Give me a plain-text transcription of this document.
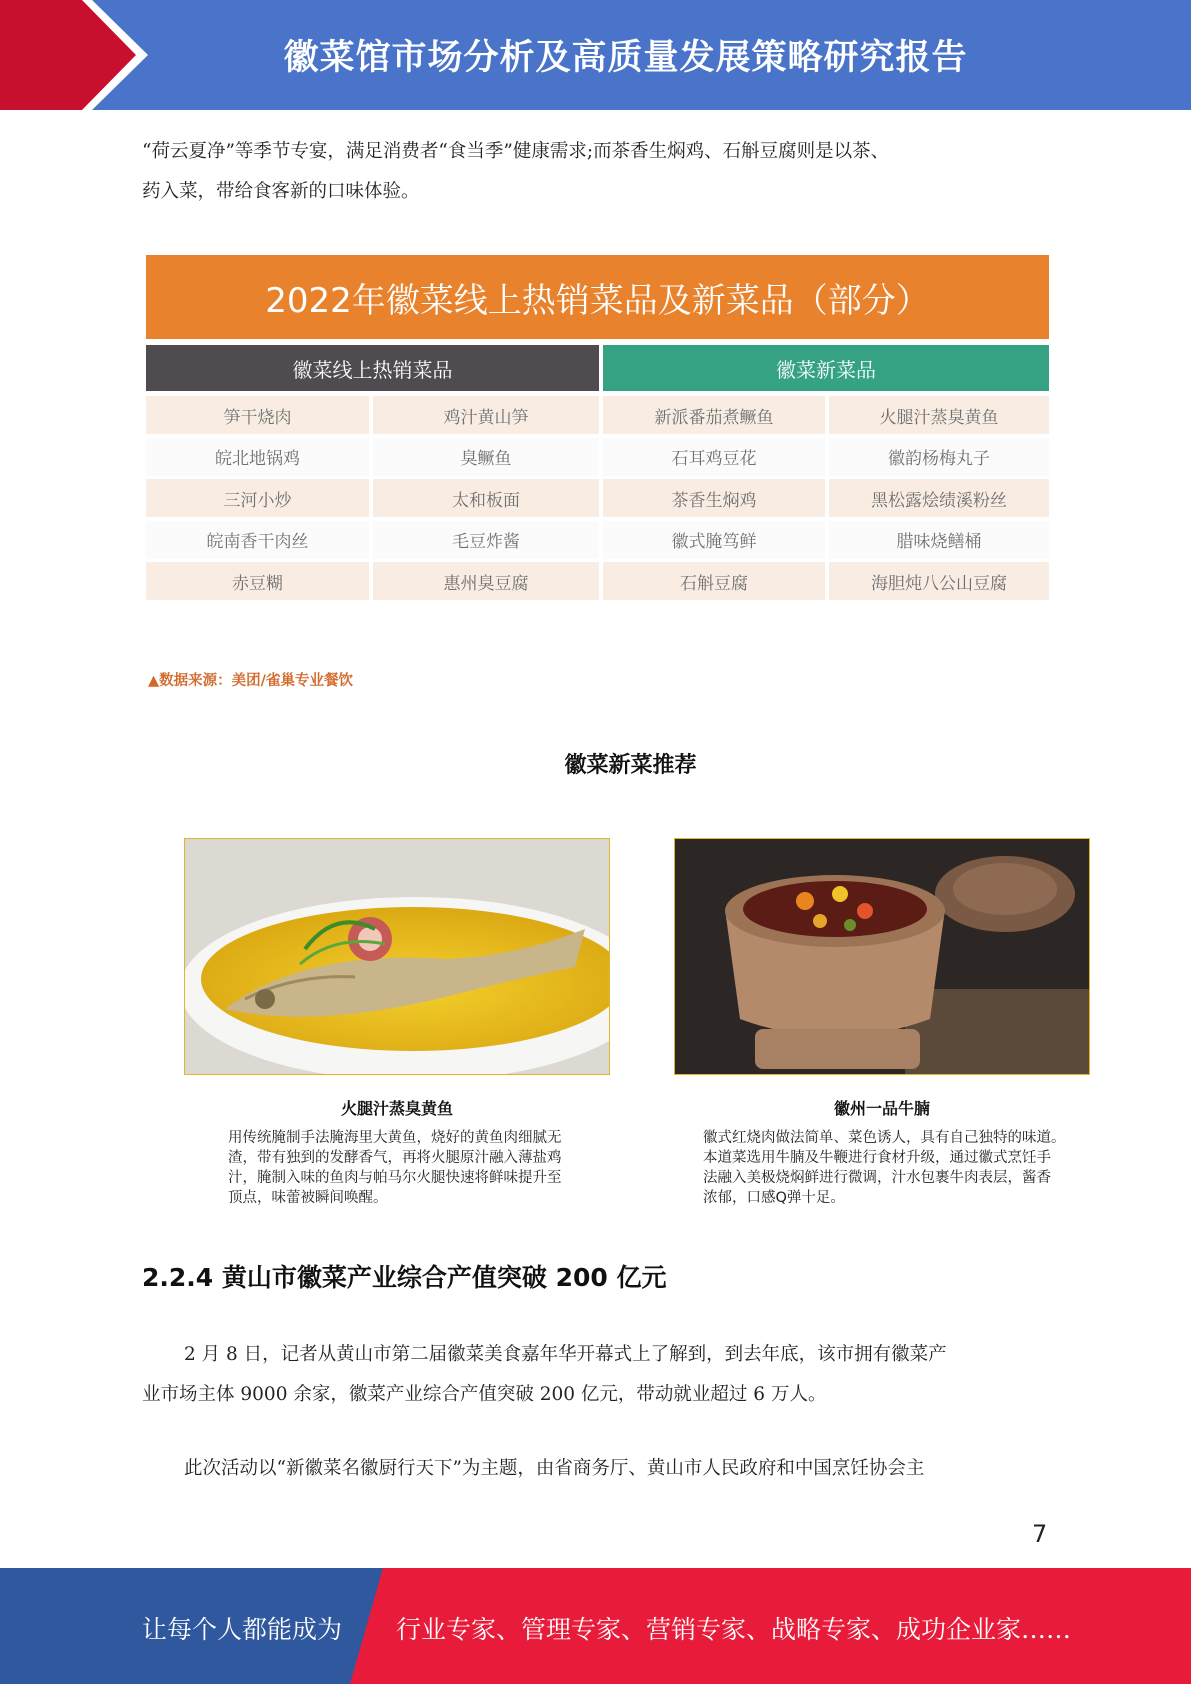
徽菜馆市场分析及高质量发展策略研究报告
“荷云夏净”等季节专宴，满足消费者“食当季”健康需求;而茶香生焖鸡、石斛豆腐则是以茶、
药入菜，带给食客新的口味体验。
2022年徽菜线上热销菜品及新菜品（部分）
徽菜线上热销菜品	徽菜新菜品
笋干烧肉	鸡汁黄山笋	新派番茄煮鳜鱼	火腿汁蒸臭黄鱼
皖北地锅鸡	臭鳜鱼	石耳鸡豆花	徽韵杨梅丸子
三河小炒	太和板面	茶香生焖鸡	黑松露烩绩溪粉丝
皖南香干肉丝	毛豆炸酱	徽式腌笃鲜	腊味烧鳝桶
赤豆糊	惠州臭豆腐	石斛豆腐	海胆炖八公山豆腐
▲数据来源：美团/雀巢专业餐饮
徽菜新菜推荐
火腿汁蒸臭黄鱼
用传统腌制手法腌海里大黄鱼，烧好的黄鱼肉细腻无
渣，带有独到的发酵香气，再将火腿原汁融入薄盐鸡
汁，腌制入味的鱼肉与帕马尔火腿快速将鲜味提升至
顶点，味蕾被瞬间唤醒。
徽州一品牛腩
徽式红烧肉做法简单、菜色诱人，具有自己独特的味道。
本道菜选用牛腩及牛鞭进行食材升级，通过徽式烹饪手
法融入美极烧焖鲜进行微调，汁水包裹牛肉表层，酱香
浓郁，口感Q弹十足。
2.2.4 黄山市徽菜产业综合产值突破 200 亿元
2 月 8 日，记者从黄山市第二届徽菜美食嘉年华开幕式上了解到，到去年底，该市拥有徽菜产
业市场主体 9000 余家，徽菜产业综合产值突破 200 亿元，带动就业超过 6 万人。
此次活动以“新徽菜名徽厨行天下”为主题，由省商务厅、黄山市人民政府和中国烹饪协会主
7
让每个人都能成为 行业专家、管理专家、营销专家、战略专家、成功企业家……
